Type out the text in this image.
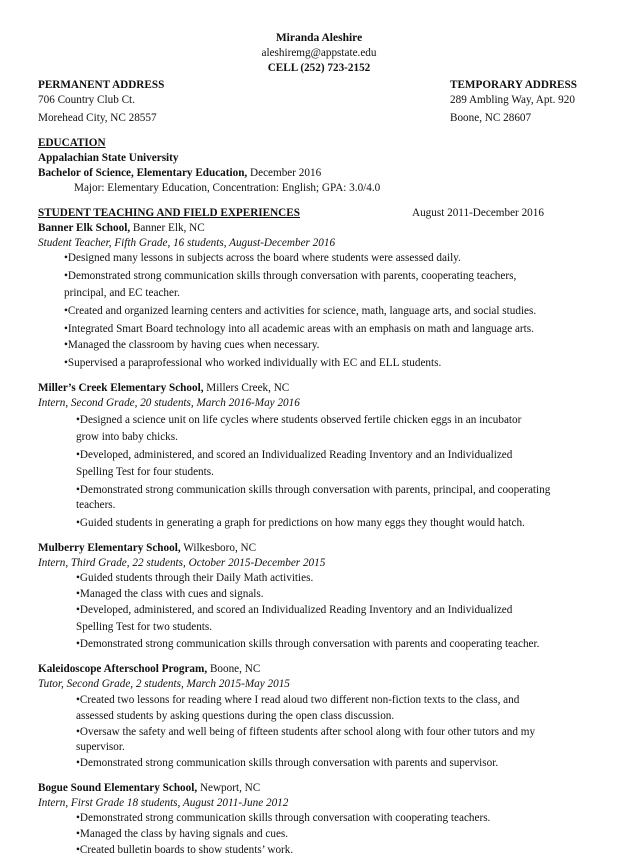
Miranda Aleshire
aleshiremg@appstate.edu
CELL (252) 723-2152
PERMANENT ADDRESS	TEMPORARY ADDRESS
706 Country Club Ct.	289 Ambling Way, Apt. 920
Morehead City, NC 28557	Boone, NC 28607
EDUCATION
Appalachian State University
Bachelor of Science, Elementary Education, December 2016
Major: Elementary Education, Concentration: English; GPA: 3.0/4.0
STUDENT TEACHING AND FIELD EXPERIENCES	August 2011-December 2016
Banner Elk School, Banner Elk, NC
Student Teacher, Fifth Grade, 16 students, August-December 2016
• Designed many lessons in subjects across the board where students were assessed daily.
•Demonstrated strong communication skills through conversation with parents, cooperating teachers,
principal, and EC teacher.
• Created and organized learning centers and activities for science, math, language arts, and social studies.
• Integrated Smart Board technology into all academic areas with an emphasis on math and language arts.
• Managed the classroom by having cues when necessary.
• Supervised a paraprofessional who worked individually with EC and ELL students.
Miller’s Creek Elementary School, Millers Creek, NC
Intern, Second Grade, 20 students, March 2016-May 2016
• Designed a science unit on life cycles where students observed fertile chicken eggs in an incubator
grow into baby chicks.
• Developed, administered, and scored an Individualized Reading Inventory and an Individualized
Spelling Test for four students.
• Demonstrated strong communication skills through conversation with parents, principal, and cooperating
teachers.
• Guided students in generating a graph for predictions on how many eggs they thought would hatch.
Mulberry Elementary School, Wilkesboro, NC
Intern, Third Grade, 22 students, October 2015-December 2015
• Guided students through their Daily Math activities.
• Managed the class with cues and signals.
• Developed, administered, and scored an Individualized Reading Inventory and an Individualized
Spelling Test for two students.
• Demonstrated strong communication skills through conversation with parents and cooperating teacher.
Kaleidoscope Afterschool Program, Boone, NC
Tutor, Second Grade, 2 students, March 2015-May 2015
• Created two lessons for reading where I read aloud two different non-fiction texts to the class, and
assessed students by asking questions during the open class discussion.
• Oversaw the safety and well being of fifteen students after school along with four other tutors and my
supervisor.
• Demonstrated strong communication skills through conversation with parents and supervisor.
Bogue Sound Elementary School, Newport, NC
Intern, First Grade 18 students, August 2011-June 2012
• Demonstrated strong communication skills through conversation with cooperating teachers.
• Managed the class by having signals and cues.
• Created bulletin boards to show students’ work.
